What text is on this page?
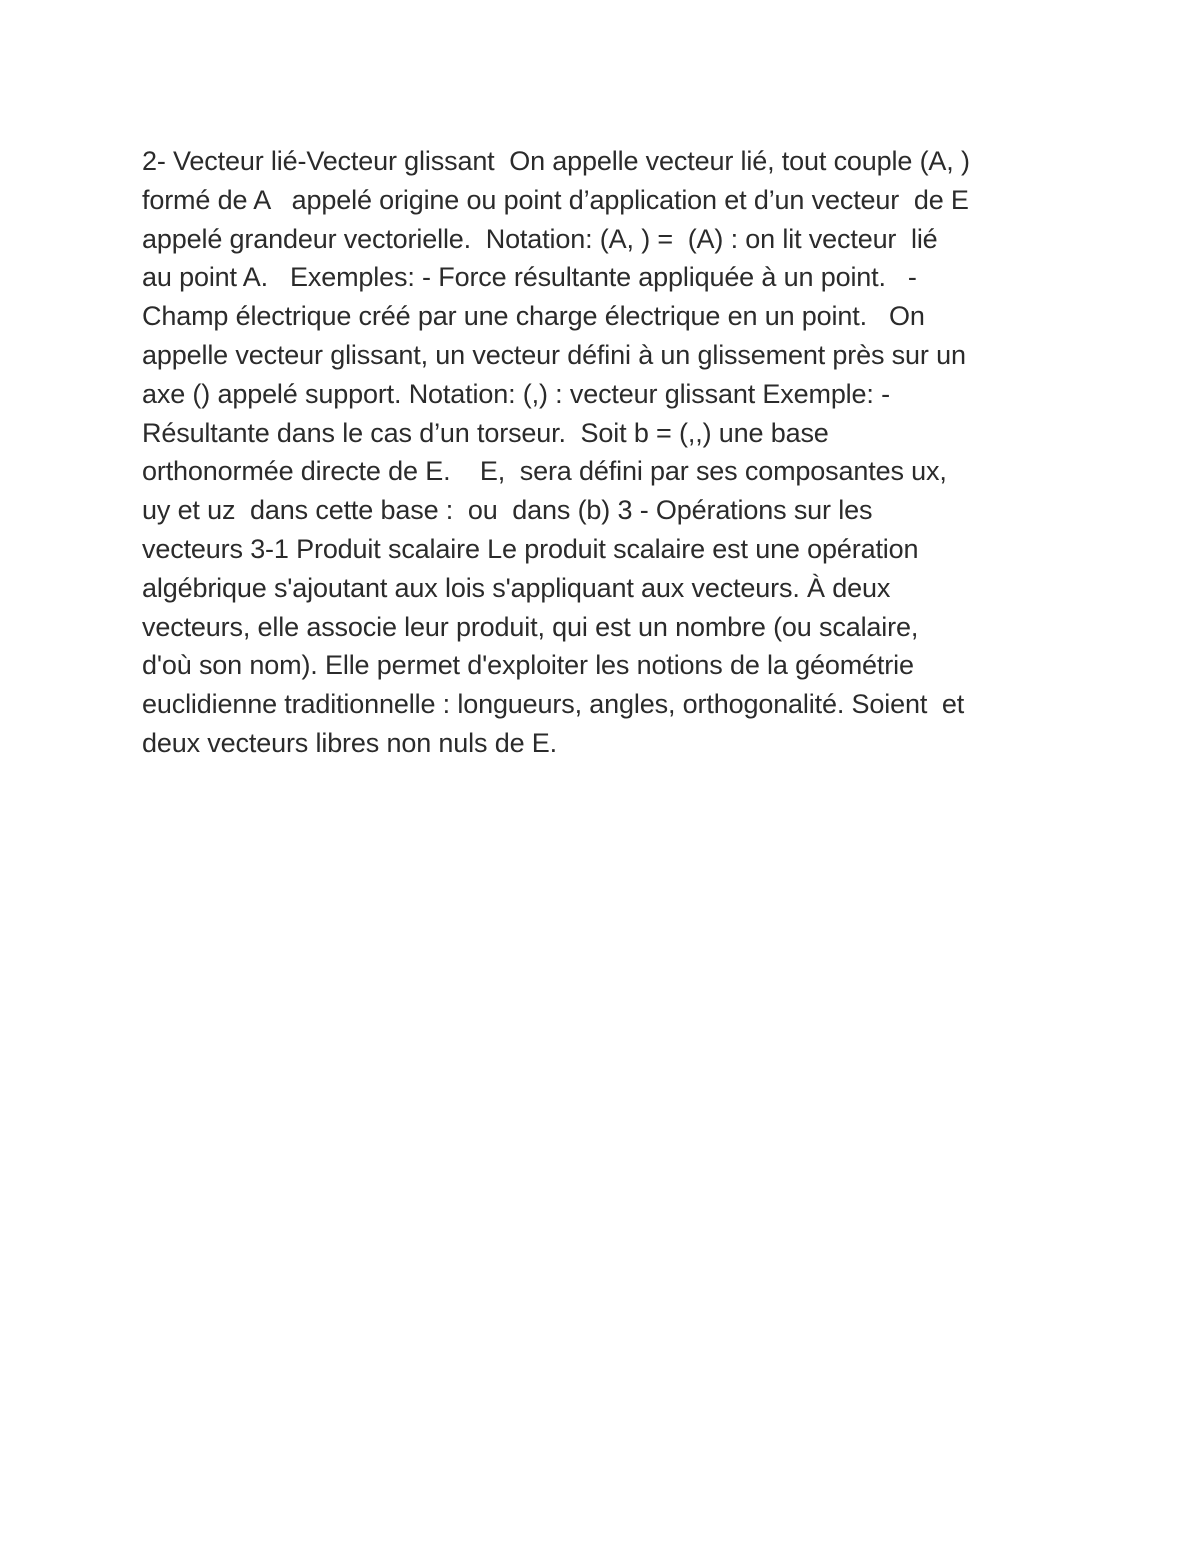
2- Vecteur lié-Vecteur glissant  On appelle vecteur lié, tout couple (A, )
formé de A   appelé origine ou point d’application et d’un vecteur  de E
appelé grandeur vectorielle.  Notation: (A, ) =  (A) : on lit vecteur  lié
au point A.   Exemples: - Force résultante appliquée à un point.   -
Champ électrique créé par une charge électrique en un point.   On
appelle vecteur glissant, un vecteur défini à un glissement près sur un
axe () appelé support. Notation: (,) : vecteur glissant Exemple: -
Résultante dans le cas d’un torseur.  Soit b = (,,) une base
orthonormée directe de E.    E,  sera défini par ses composantes ux,
uy et uz  dans cette base :  ou  dans (b) 3 - Opérations sur les
vecteurs 3-1 Produit scalaire Le produit scalaire est une opération
algébrique s'ajoutant aux lois s'appliquant aux vecteurs. À deux
vecteurs, elle associe leur produit, qui est un nombre (ou scalaire,
d'où son nom). Elle permet d'exploiter les notions de la géométrie
euclidienne traditionnelle : longueurs, angles, orthogonalité. Soient  et
deux vecteurs libres non nuls de E.
